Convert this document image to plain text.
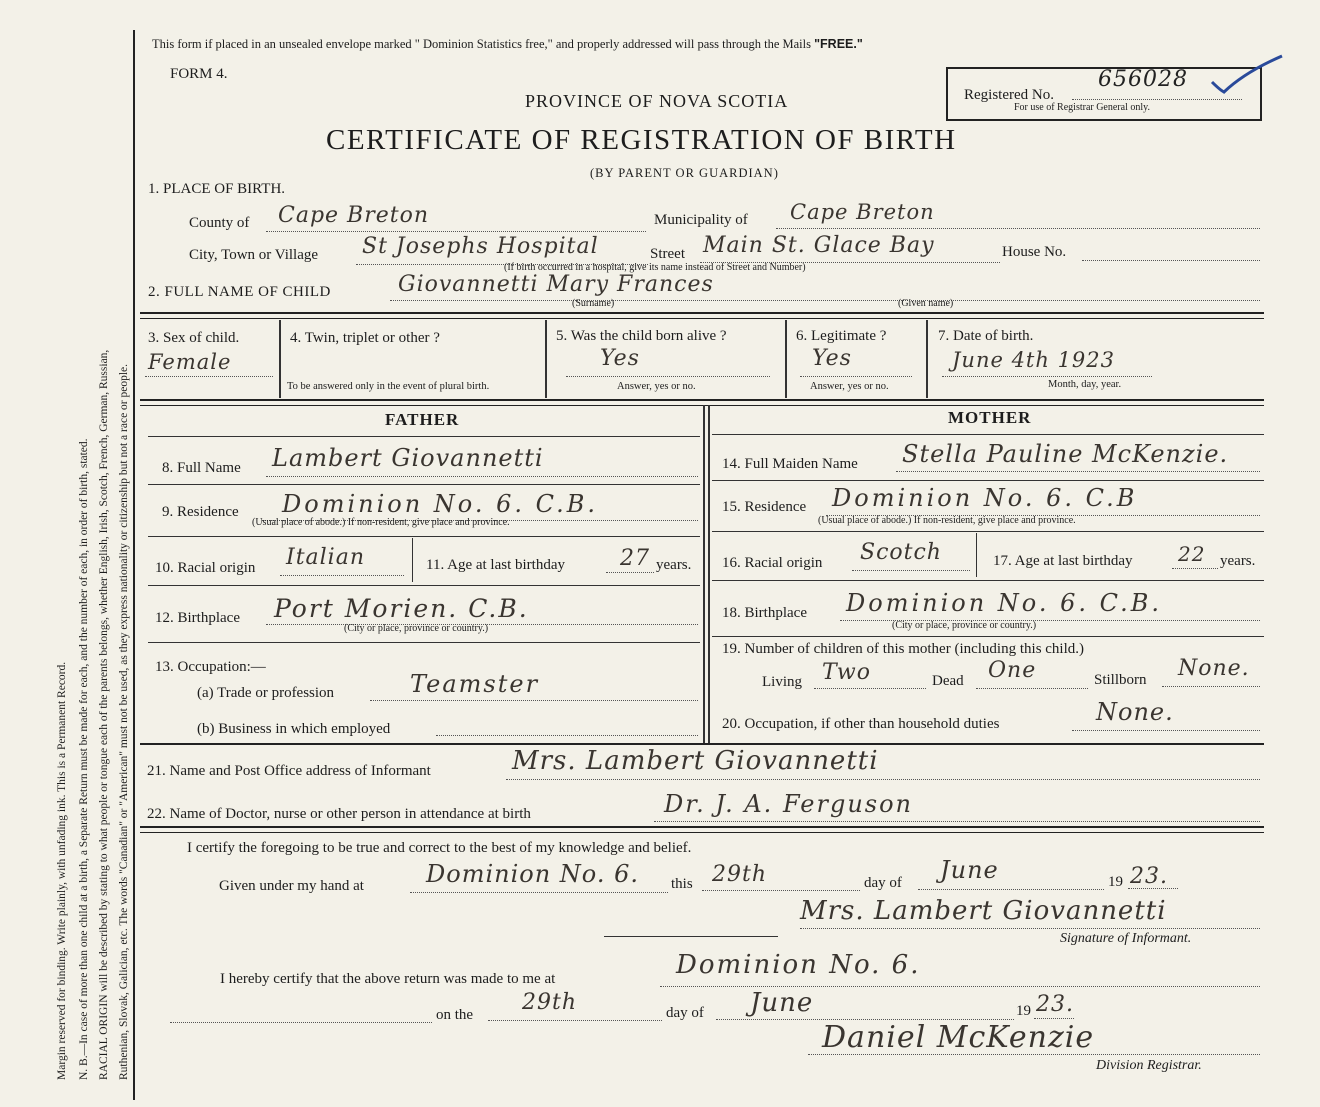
Margin reserved for binding. Write plainly, with unfading ink. This is a Permanent Record. N. B.—In case of more than one child at a birth, a Separate Return must be made for each, and the number of each, in order of birth, stated. RACIAL ORIGIN will be described by stating to what people or tongue each of the parents belongs, whether English, Irish, Scotch, French, German, Russian, Ruthenian, Slovak, Galician, etc. The words "Canadian" or "American" must not be used, as they express nationality or citizenship but not a race or people.
This form if placed in an unsealed envelope marked " Dominion Statistics free," and properly addressed will pass through the Mails "FREE."
FORM 4.
PROVINCE OF NOVA SCOTIA
CERTIFICATE OF REGISTRATION OF BIRTH
(BY PARENT OR GUARDIAN)
Registered No.
656028
For use of Registrar General only.
1. PLACE OF BIRTH.
County of Cape Breton	Municipality of Cape Breton
City, Town or Village St Josephs Hospital	Street Main St. Glace Bay	House No.
(If birth occurred in a hospital, give its name instead of Street and Number)
2. FULL NAME OF CHILD	Giovannetti Mary Frances
(Surname)	(Given name)
3. Sex of child.
Female
4. Twin, triplet or other ?
To be answered only in the event of plural birth.
5. Was the child born alive ?
Yes
Answer, yes or no.
6. Legitimate ?
Yes
Answer, yes or no.
7. Date of birth.
June 4th 1923
Month, day, year.
FATHER
8. Full Name Lambert Giovannetti
9. Residence Dominion No. 6. C.B.
(Usual place of abode.) If non-resident, give place and province.
10. Racial origin Italian	11. Age at last birthday	27 years.
12. Birthplace Port Morien. C.B.
(City or place, province or country.)
13. Occupation:—
(a) Trade or profession	Teamster
(b) Business in which employed
MOTHER
14. Full Maiden Name Stella Pauline McKenzie.
15. Residence Dominion No. 6. C.B
(Usual place of abode.) If non-resident, give place and province.
16. Racial origin Scotch	17. Age at last birthday 22 years.
18. Birthplace Dominion No. 6. C.B.
(City or place, province or country.)
19. Number of children of this mother (including this child.)
Living Two	Dead One	Stillborn None.
20. Occupation, if other than household duties	None.
21. Name and Post Office address of Informant	Mrs. Lambert Giovannetti
22. Name of Doctor, nurse or other person in attendance at birth	Dr. J. A. Ferguson
I certify the foregoing to be true and correct to the best of my knowledge and belief.
Given under my hand at	Dominion No. 6. this 29th	day of June	19 23.
Mrs. Lambert Giovannetti
Signature of Informant.
I hereby certify that the above return was made to me at	Dominion No. 6.
on the 29th	day of June	19 23.
Daniel McKenzie
Division Registrar.
